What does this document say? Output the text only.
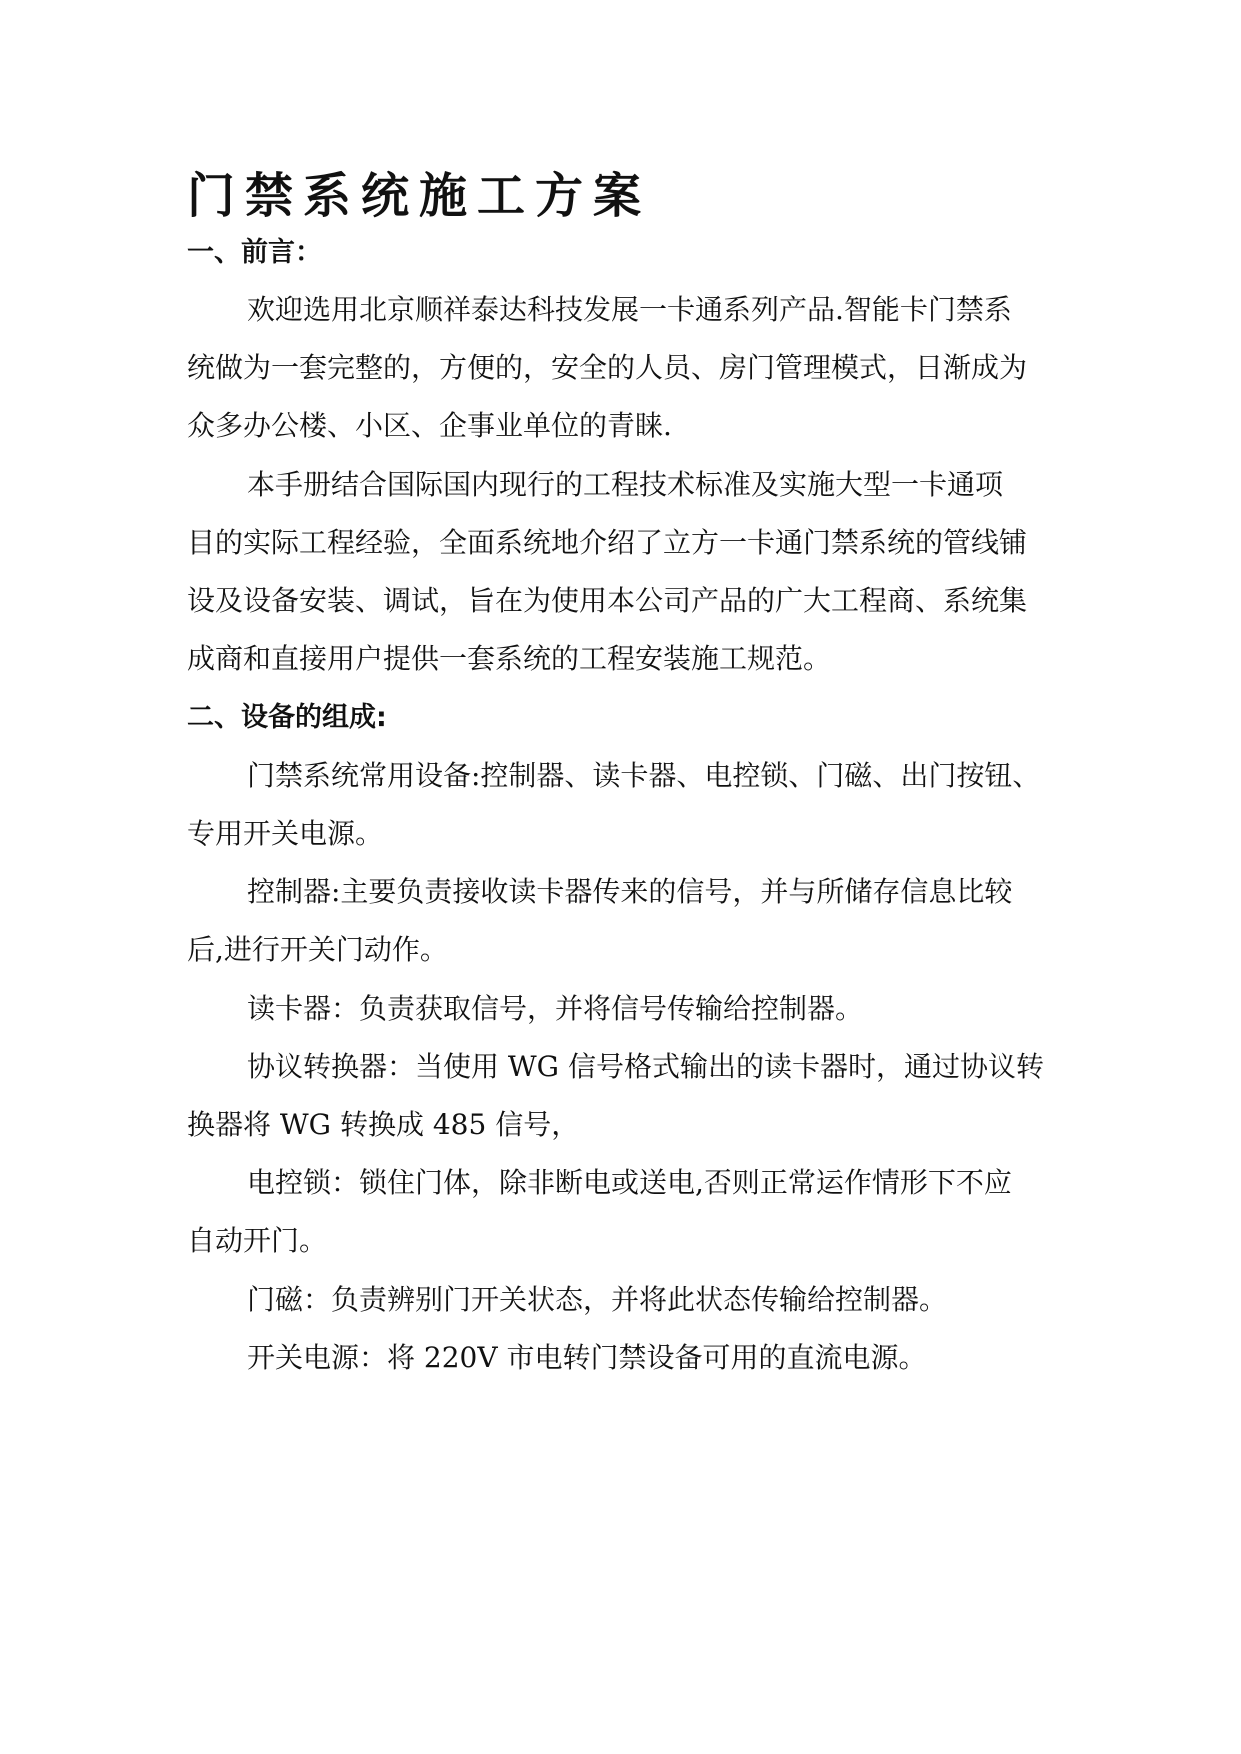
门禁系统施工方案

一、前言：

欢迎选用北京顺祥泰达科技发展一卡通系列产品.智能卡门禁系

统做为一套完整的，方便的，安全的人员、房门管理模式，日渐成为

众多办公楼、小区、企事业单位的青睐.

本手册结合国际国内现行的工程技术标准及实施大型一卡通项

目的实际工程经验，全面系统地介绍了立方一卡通门禁系统的管线铺

设及设备安装、调试，旨在为使用本公司产品的广大工程商、系统集

成商和直接用户提供一套系统的工程安装施工规范。

二、设备的组成:

门禁系统常用设备:控制器、读卡器、电控锁、门磁、出门按钮、

专用开关电源。

控制器:主要负责接收读卡器传来的信号，并与所储存信息比较

后,进行开关门动作。

读卡器：负责获取信号，并将信号传输给控制器。

协议转换器：当使用 WG 信号格式输出的读卡器时，通过协议转

换器将 WG 转换成 485 信号，

电控锁：锁住门体，除非断电或送电,否则正常运作情形下不应

自动开门。

门磁：负责辨别门开关状态，并将此状态传输给控制器。

开关电源：将 220V 市电转门禁设备可用的直流电源。
